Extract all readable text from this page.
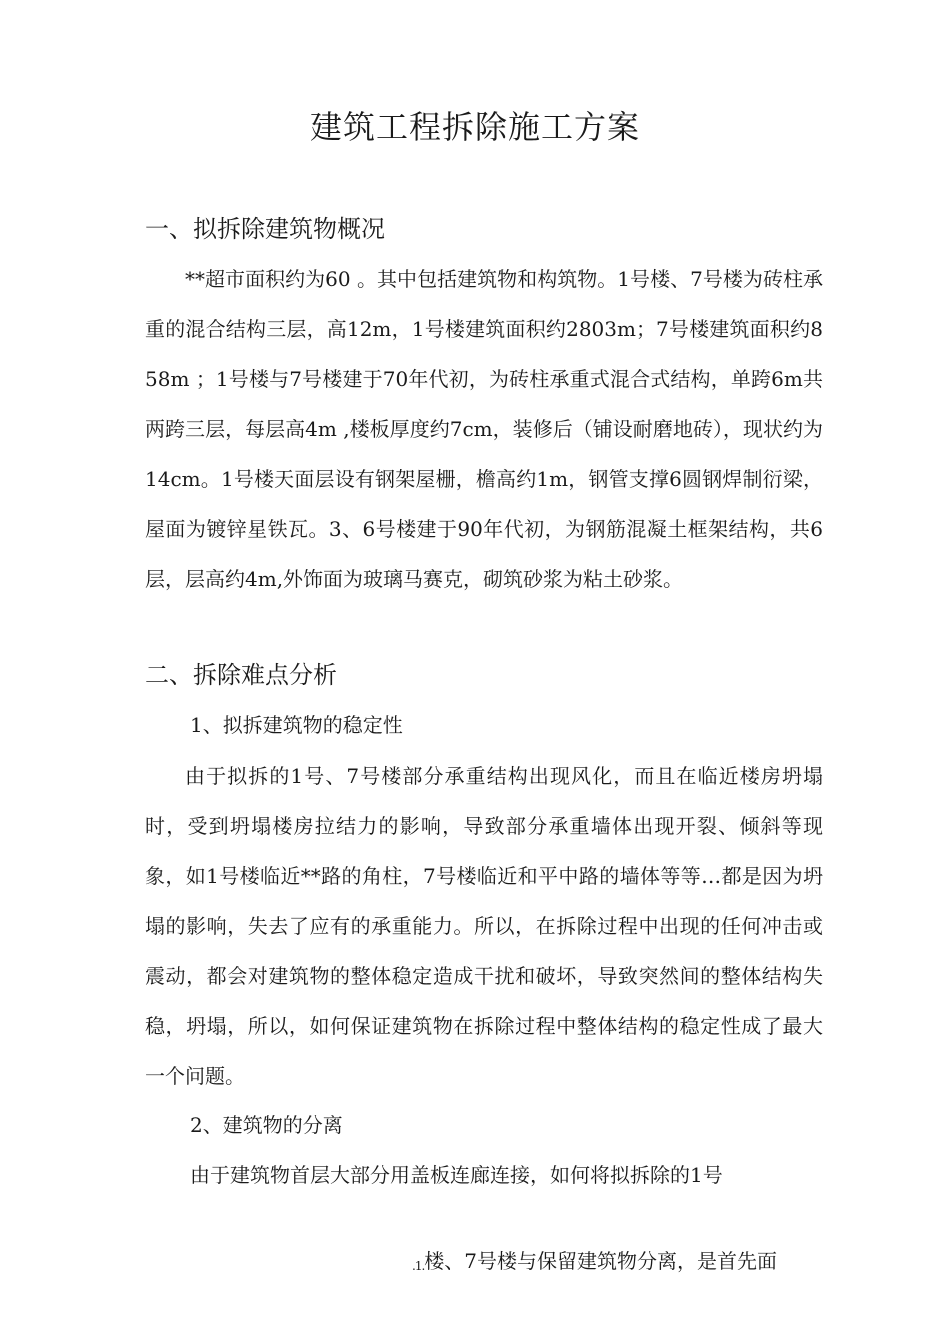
建筑工程拆除施工方案
一、拟拆除建筑物概况
**超市面积约为60 。其中包括建筑物和构筑物。1号楼、7号楼为砖柱承重的混合结构三层，高12m，1号楼建筑面积约2803m；7号楼建筑面积约858m ；1号楼与7号楼建于70年代初，为砖柱承重式混合式结构，单跨6m共两跨三层，每层高4m ,楼板厚度约7cm，装修后（铺设耐磨地砖），现状约为14cm。1号楼天面层设有钢架屋栅，檐高约1m，钢管支撑6圆钢焊制衍梁，屋面为镀锌星铁瓦。3、6号楼建于90年代初，为钢筋混凝土框架结构，共6层，层高约4m,外饰面为玻璃马赛克，砌筑砂浆为粘土砂浆。
二、拆除难点分析
1、拟拆建筑物的稳定性
由于拟拆的1号、7号楼部分承重结构出现风化，而且在临近楼房坍塌时，受到坍塌楼房拉结力的影响，导致部分承重墙体出现开裂、倾斜等现象，如1号楼临近**路的角柱，7号楼临近和平中路的墙体等等…都是因为坍塌的影响，失去了应有的承重能力。所以，在拆除过程中出现的任何冲击或震动，都会对建筑物的整体稳定造成干扰和破坏，导致突然间的整体结构失稳，坍塌，所以，如何保证建筑物在拆除过程中整体结构的稳定性成了最大一个问题。
2、建筑物的分离
由于建筑物首层大部分用盖板连廊连接，如何将拟拆除的1号
.1.楼、7号楼与保留建筑物分离，是首先面
